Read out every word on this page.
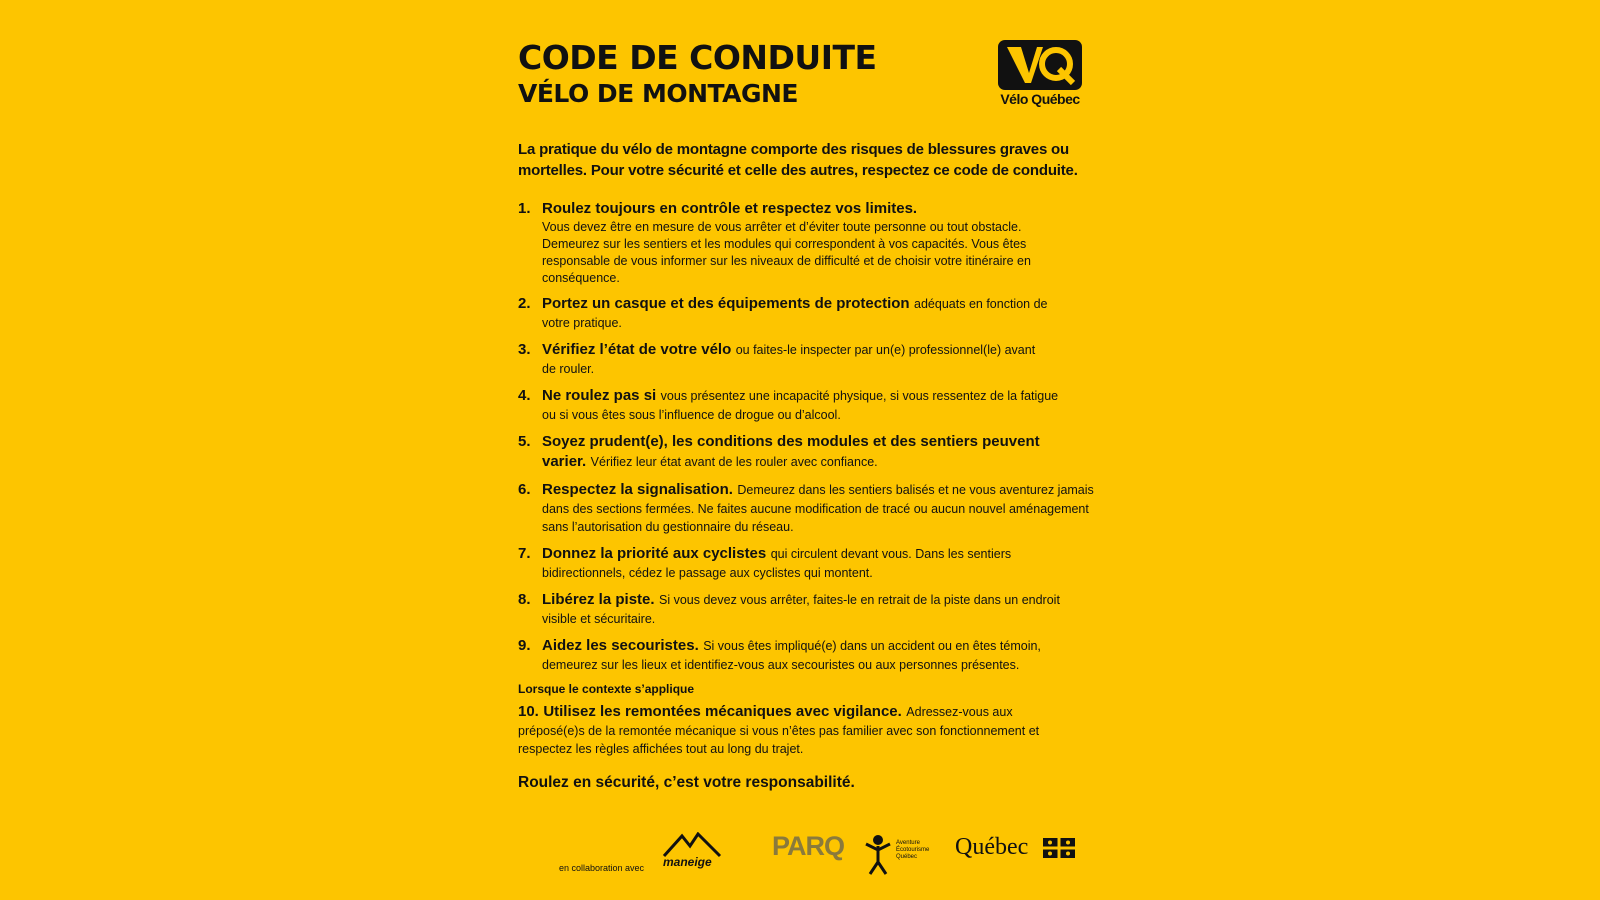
CODE DE CONDUITE
VÉLO DE MONTAGNE	Vélo Québec
La pratique du vélo de montagne comporte des risques de blessures graves ou mortelles. Pour votre sécurité et celle des autres, respectez ce code de conduite.
1. Roulez toujours en contrôle et respectez vos limites.
Vous devez être en mesure de vous arrêter et d’éviter toute personne ou tout obstacle. Demeurez sur les sentiers et les modules qui correspondent à vos capacités. Vous êtes responsable de vous informer sur les niveaux de difficulté et de choisir votre itinéraire en conséquence.
2. Portez un casque et des équipements de protection adéquats en fonction de votre pratique.
3. Vérifiez l’état de votre vélo ou faites-le inspecter par un(e) professionnel(le) avant de rouler.
4. Ne roulez pas si vous présentez une incapacité physique, si vous ressentez de la fatigue ou si vous êtes sous l’influence de drogue ou d’alcool.
5. Soyez prudent(e), les conditions des modules et des sentiers peuvent varier. Vérifiez leur état avant de les rouler avec confiance.
6. Respectez la signalisation. Demeurez dans les sentiers balisés et ne vous aventurez jamais dans des sections fermées. Ne faites aucune modification de tracé ou aucun nouvel aménagement sans l’autorisation du gestionnaire du réseau.
7. Donnez la priorité aux cyclistes qui circulent devant vous. Dans les sentiers bidirectionnels, cédez le passage aux cyclistes qui montent.
8. Libérez la piste. Si vous devez vous arrêter, faites-le en retrait de la piste dans un endroit visible et sécuritaire.
9. Aidez les secouristes. Si vous êtes impliqué(e) dans un accident ou en êtes témoin, demeurez sur les lieux et identifiez-vous aux secouristes ou aux personnes présentes.
Lorsque le contexte s’applique
10. Utilisez les remontées mécaniques avec vigilance. Adressez-vous aux préposé(e)s de la remontée mécanique si vous n’êtes pas familier avec son fonctionnement et respectez les règles affichées tout au long du trajet.
Roulez en sécurité, c’est votre responsabilité.
en collaboration avec maneige
PARQ	Aventure
Écotourisme
Québec	Québec
